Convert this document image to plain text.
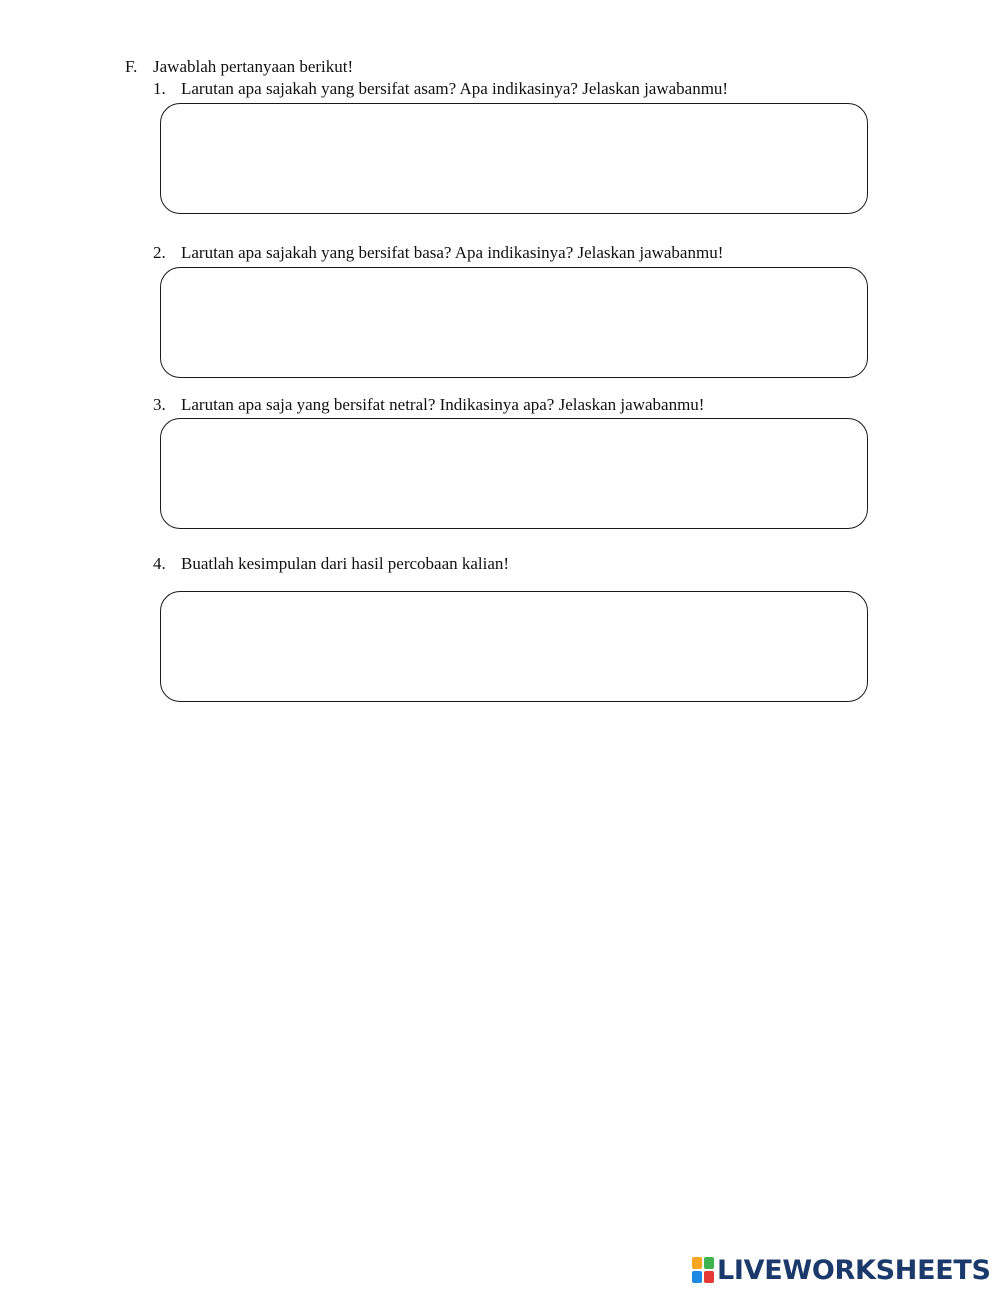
F. Jawablah pertanyaan berikut!
1. Larutan apa sajakah yang bersifat asam? Apa indikasinya? Jelaskan jawabanmu!
2. Larutan apa sajakah yang bersifat basa? Apa indikasinya? Jelaskan jawabanmu!
3. Larutan apa saja yang bersifat netral? Indikasinya apa? Jelaskan jawabanmu!
4. Buatlah kesimpulan dari hasil percobaan kalian!
LIVEWORKSHEETS
